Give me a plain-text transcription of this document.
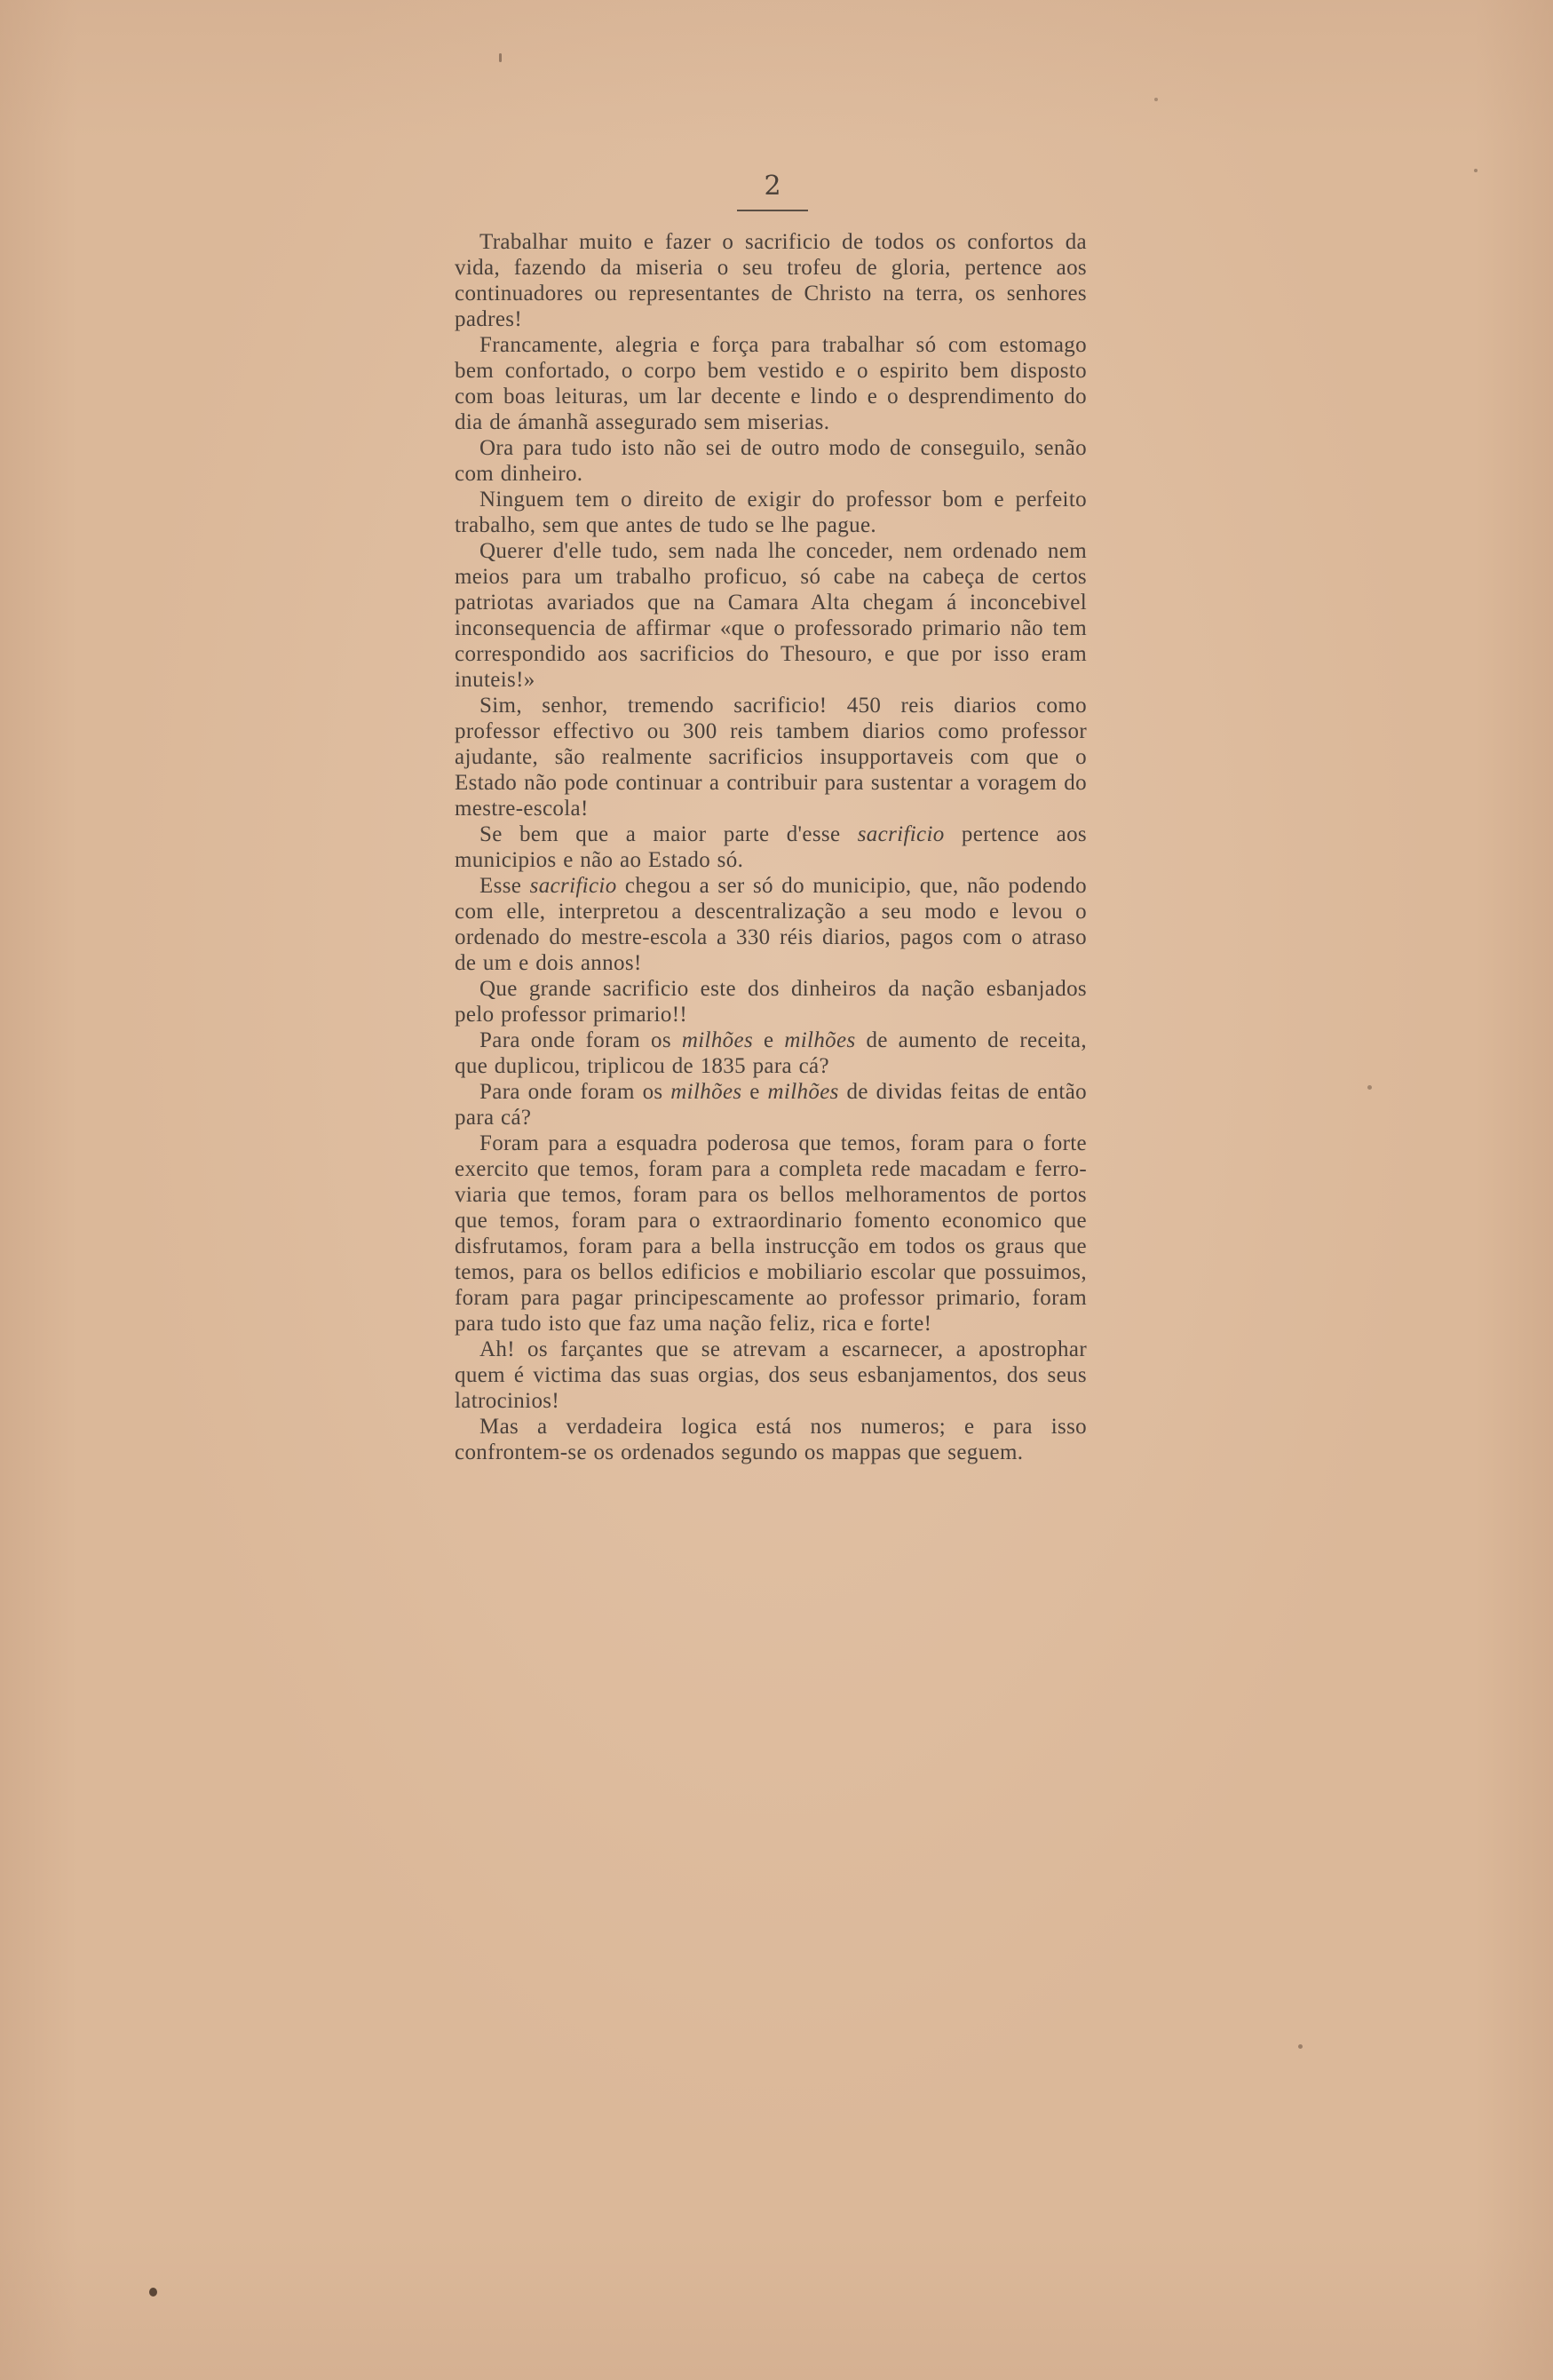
2

Trabalhar muito e fazer o sacrificio de todos os confortos da vida, fazendo da miseria o seu trofeu de gloria, pertence aos continuadores ou representantes de Christo na terra, os senhores padres!

Francamente, alegria e força para trabalhar só com estomago bem confortado, o corpo bem vestido e o espirito bem disposto com boas leituras, um lar decente e lindo e o desprendimento do dia de ámanhã assegurado sem miserias.

Ora para tudo isto não sei de outro modo de conseguilo, senão com dinheiro.

Ninguem tem o direito de exigir do professor bom e perfeito trabalho, sem que antes de tudo se lhe pague.

Querer d'elle tudo, sem nada lhe conceder, nem ordenado nem meios para um trabalho proficuo, só cabe na cabeça de certos patriotas avariados que na Camara Alta chegam á inconcebivel inconsequencia de affirmar «que o professorado primario não tem correspondido aos sacrificios do Thesouro, e que por isso eram inuteis!»

Sim, senhor, tremendo sacrificio! 450 reis diarios como professor effectivo ou 300 reis tambem diarios como professor ajudante, são realmente sacrificios insupportaveis com que o Estado não pode continuar a contribuir para sustentar a voragem do mestre-escola!

Se bem que a maior parte d'esse sacrificio pertence aos municipios e não ao Estado só.

Esse sacrificio chegou a ser só do municipio, que, não podendo com elle, interpretou a descentralização a seu modo e levou o ordenado do mestre-escola a 330 réis diarios, pagos com o atraso de um e dois annos!

Que grande sacrificio este dos dinheiros da nação esbanjados pelo professor primario!!

Para onde foram os milhões e milhões de aumento de receita, que duplicou, triplicou de 1835 para cá?

Para onde foram os milhões e milhões de dividas feitas de então para cá?

Foram para a esquadra poderosa que temos, foram para o forte exercito que temos, foram para a completa rede macadam e ferro-viaria que temos, foram para os bellos melhoramentos de portos que temos, foram para o extraordinario fomento economico que disfrutamos, foram para a bella instrucção em todos os graus que temos, para os bellos edificios e mobiliario escolar que possuimos, foram para pagar principescamente ao professor primario, foram para tudo isto que faz uma nação feliz, rica e forte!

Ah! os farçantes que se atrevam a escarnecer, a apostrophar quem é victima das suas orgias, dos seus esbanjamentos, dos seus latrocinios!

Mas a verdadeira logica está nos numeros; e para isso confrontem-se os ordenados segundo os mappas que seguem.
